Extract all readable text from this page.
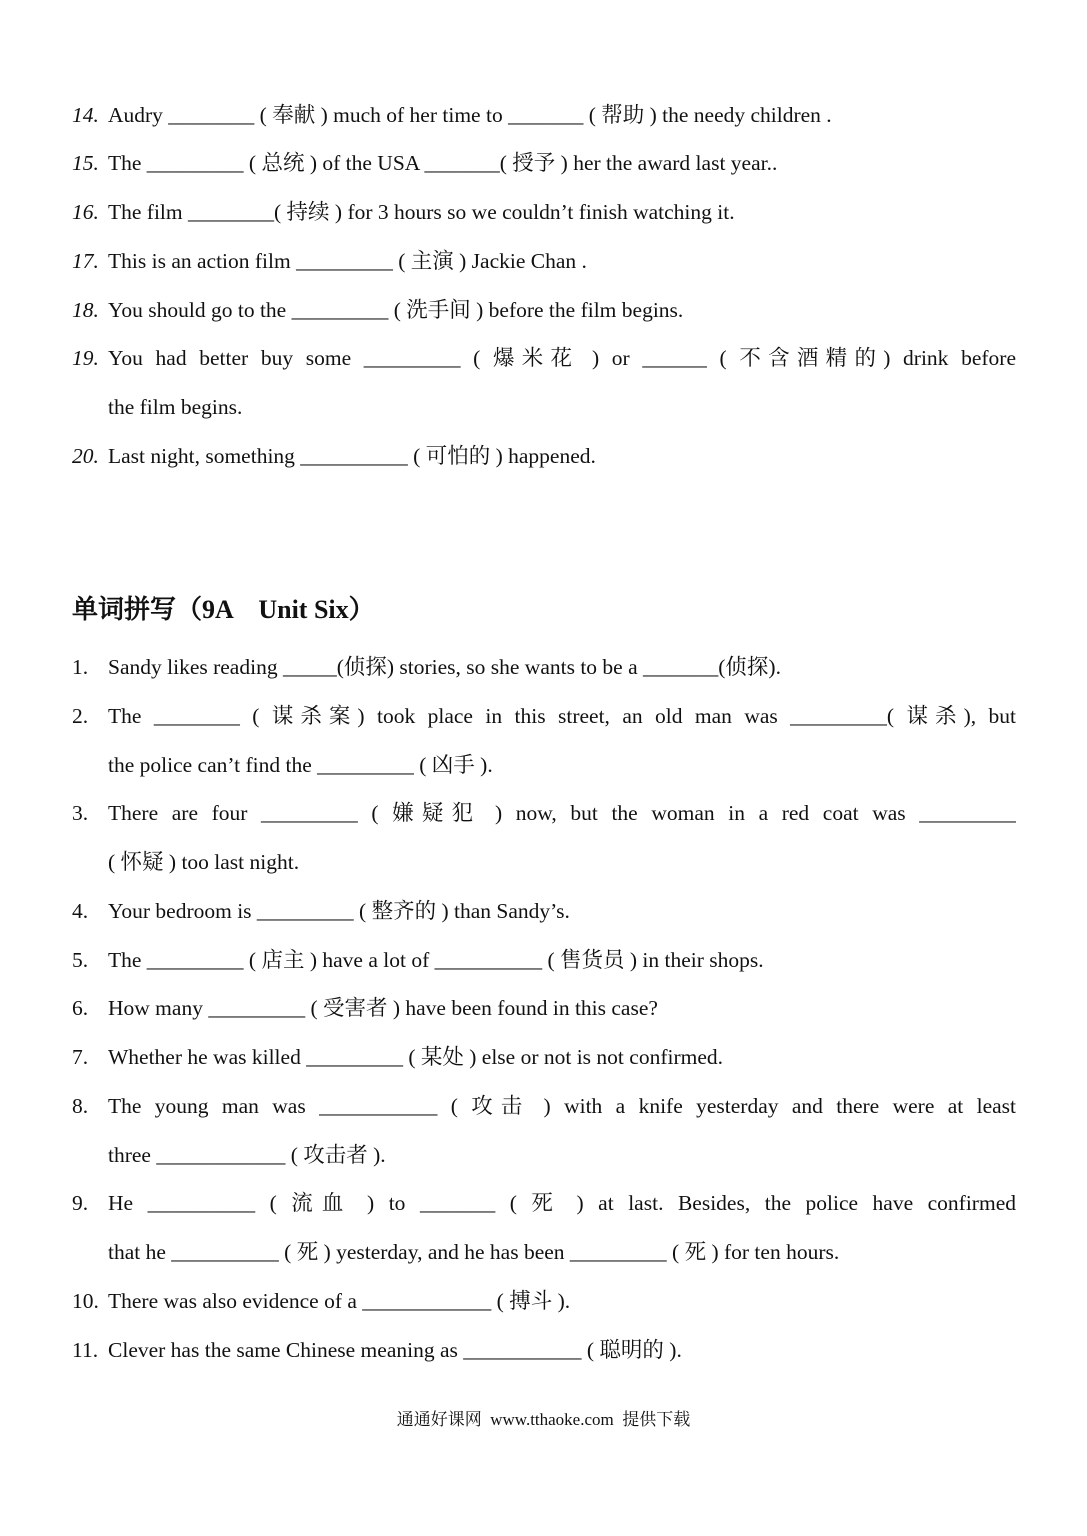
14. Audry ________ ( 奉献 ) much of her time to _______ ( 帮助 ) the needy children .
15. The _________ ( 总统 ) of the USA _______( 授予 ) her the award last year..
16. The film ________( 持续 ) for 3 hours so we couldn’t finish watching it.
17. This is an action film _________ ( 主演 ) Jackie Chan .
18. You should go to the _________ ( 洗手间 ) before the film begins.
19. You had better buy some _________ ( 爆米花 ) or ______ ( 不含酒精的) drink before
the film begins.
20. Last night, something __________ ( 可怕的 ) happened.
单词拼写（9A　Unit Six）
1. Sandy likes reading _____(侦探) stories, so she wants to be a _______(侦探).
2. The ________ ( 谋杀案) took place in this street, an old man was _________( 谋杀), but
the police can’t find the _________ ( 凶手 ).
3. There are four _________ ( 嫌疑犯 ) now, but the woman in a red coat was _________
( 怀疑 ) too last night.
4. Your bedroom is _________ ( 整齐的 ) than Sandy’s.
5. The _________ ( 店主 ) have a lot of __________ ( 售货员 ) in their shops.
6. How many _________ ( 受害者 ) have been found in this case?
7. Whether he was killed _________ ( 某处 ) else or not is not confirmed.
8. The young man was ___________ ( 攻击 ) with a knife yesterday and there were at least
three ____________ ( 攻击者 ).
9. He __________ ( 流血 ) to _______ ( 死 ) at last. Besides, the police have confirmed
that he __________ ( 死 ) yesterday, and he has been _________ ( 死 ) for ten hours.
10. There was also evidence of a ____________ ( 搏斗 ).
11. Clever has the same Chinese meaning as ___________ ( 聪明的 ).
通通好课网  www.tthaoke.com  提供下载
